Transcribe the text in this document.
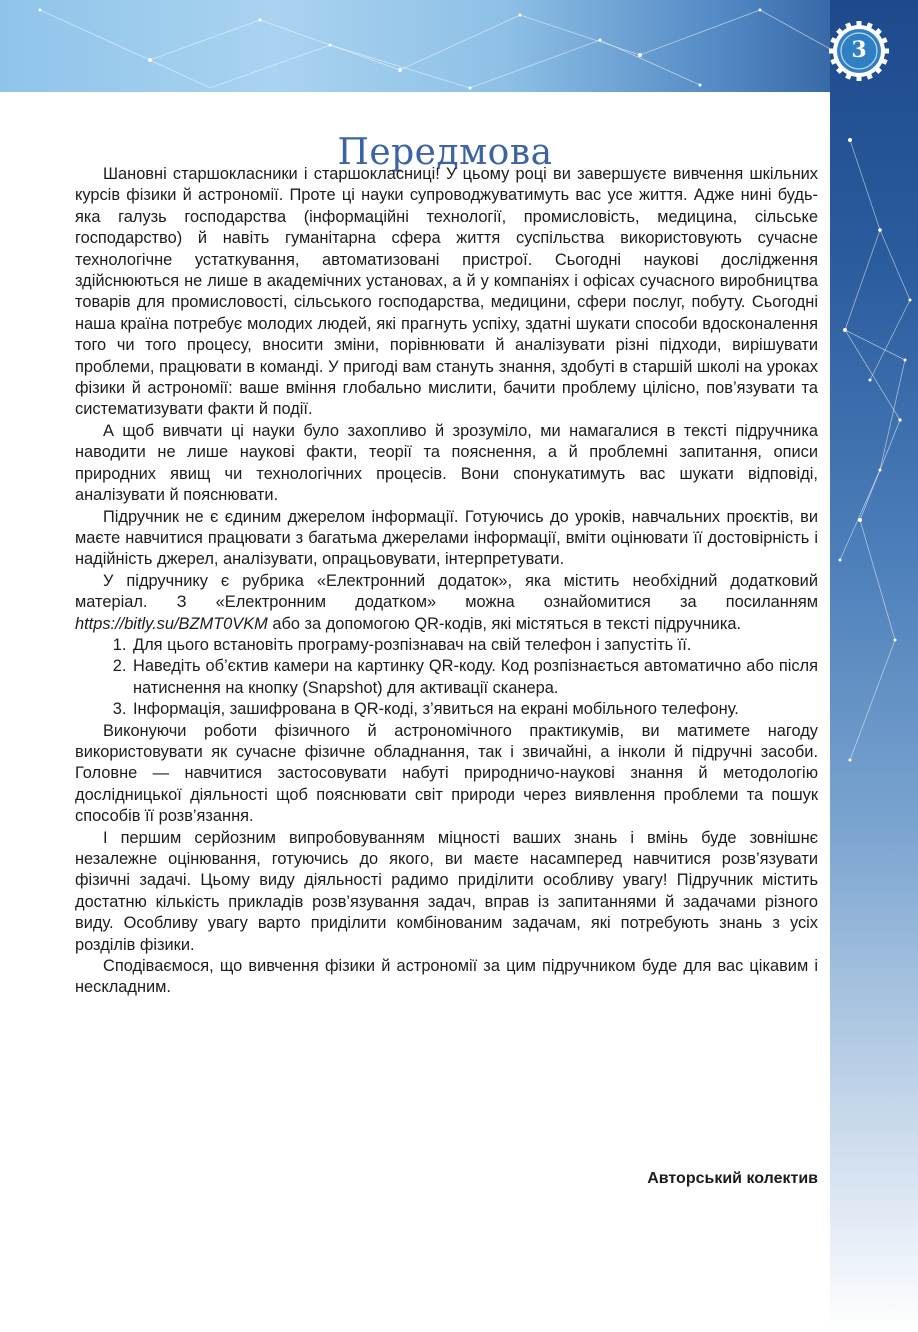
3
Передмова

Шановні старшокласники і старшокласниці! У цьому році ви завершуєте вивчення шкільних курсів фізики й астрономії. Проте ці науки супроводжуватимуть вас усе життя. Адже нині будь-яка галузь господарства (інформаційні технології, промисловість, медицина, сільське господарство) й навіть гуманітарна сфера життя суспільства використовують сучасне технологічне устаткування, автоматизовані пристрої. Сьогодні наукові дослідження здійснюються не лише в академічних установах, а й у компаніях і офісах сучасного виробництва товарів для промисловості, сільського господарства, медицини, сфери послуг, побуту. Сьогодні наша країна потребує молодих людей, які прагнуть успіху, здатні шукати способи вдосконалення того чи того процесу, вносити зміни, порівнювати й аналізувати різні підходи, вирішувати проблеми, працювати в команді. У пригоді вам стануть знання, здобуті в старшій школі на уроках фізики й астрономії: ваше вміння глобально мислити, бачити проблему цілісно, пов’язувати та систематизувати факти й події.

А щоб вивчати ці науки було захопливо й зрозуміло, ми намагалися в тексті підручника наводити не лише наукові факти, теорії та пояснення, а й проблемні запитання, описи природних явищ чи технологічних процесів. Вони спонукатимуть вас шукати відповіді, аналізувати й пояснювати.

Підручник не є єдиним джерелом інформації. Готуючись до уроків, навчальних проєктів, ви маєте навчитися працювати з багатьма джерелами інформації, вміти оцінювати її достовірність і надійність джерел, аналізувати, опрацьовувати, інтерпретувати.

У підручнику є рубрика «Електронний додаток», яка містить необхідний додатковий матеріал. З «Електронним додатком» можна ознайомитися за посиланням https://bitly.su/BZMT0VKM або за допомогою QR-кодів, які містяться в тексті підручника.

1. Для цього встановіть програму-розпізнавач на свій телефон і запустіть її.
2. Наведіть об’єктив камери на картинку QR-коду. Код розпізнається автоматично або після натиснення на кнопку (Snapshot) для активації сканера.
3. Інформація, зашифрована в QR-коді, з’явиться на екрані мобільного телефону.

Виконуючи роботи фізичного й астрономічного практикумів, ви матимете нагоду використовувати як сучасне фізичне обладнання, так і звичайні, а інколи й підручні засоби. Головне — навчитися застосовувати набуті природничо-наукові знання й методологію дослідницької діяльності щоб пояснювати світ природи через виявлення проблеми та пошук способів її розв’язання.

І першим серйозним випробовуванням міцності ваших знань і вмінь буде зовнішнє незалежне оцінювання, готуючись до якого, ви маєте насамперед навчитися розв’язувати фізичні задачі. Цьому виду діяльності радимо приділити особливу увагу! Підручник містить достатню кількість прикладів розв’язування задач, вправ із запитаннями й задачами різного виду. Особливу увагу варто приділити комбінованим задачам, які потребують знань з усіх розділів фізики.

Сподіваємося, що вивчення фізики й астрономії за цим підручником буде для вас цікавим і нескладним.

Авторський колектив
